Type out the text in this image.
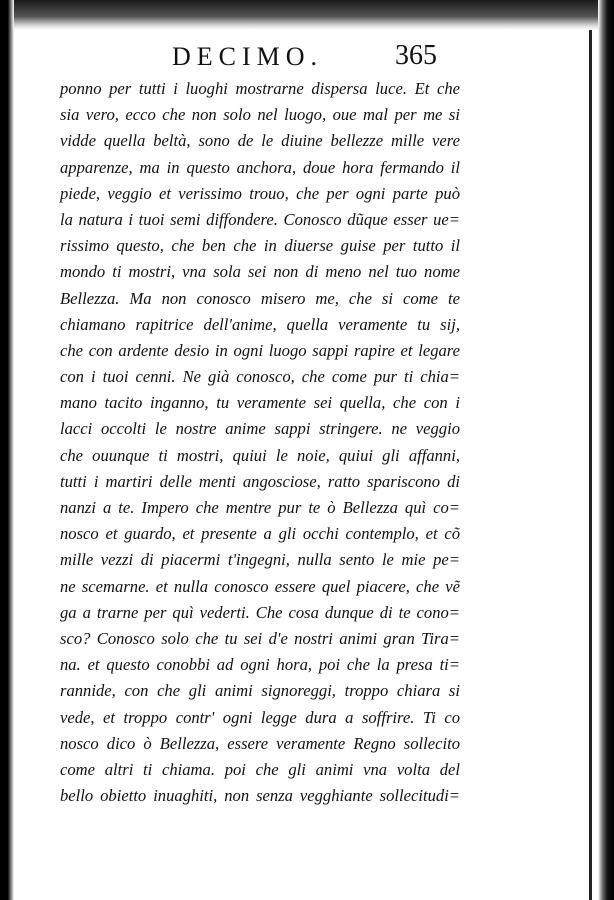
DECIMO.	365
ponno per tutti i luoghi mostrarne dispersa luce. Et che
sia vero, ecco che non solo nel luogo, oue mal per me si
vidde quella beltà, sono de le diuine bellezze mille vere
apparenze, ma in questo anchora, doue hora fermando il
piede, veggio et verissimo trouo, che per ogni parte può
la natura i tuoi semi diffondere. Conosco dũque esser ue=
rissimo questo, che ben che in diuerse guise per tutto il
mondo ti mostri, vna sola sei non di meno nel tuo nome
Bellezza. Ma non conosco misero me, che si come te
chiamano rapitrice dell'anime, quella veramente tu sij,
che con ardente desio in ogni luogo sappi rapire et legare
con i tuoi cenni. Ne già conosco, che come pur ti chia=
mano tacito inganno, tu veramente sei quella, che con i
lacci occolti le nostre anime sappi stringere. ne veggio
che ouunque ti mostri, quiui le noie, quiui gli affanni,
tutti i martiri delle menti angosciose, ratto spariscono di
nanzi a te. Impero che mentre pur te ò Bellezza quì co=
nosco et guardo, et presente a gli occhi contemplo, et cõ
mille vezzi di piacermi t'ingegni, nulla sento le mie pe=
ne scemarne. et nulla conosco essere quel piacere, che vẽ
ga a trarne per quì vederti. Che cosa dunque di te cono=
sco? Conosco solo che tu sei d'e nostri animi gran Tira=
na. et questo conobbi ad ogni hora, poi che la presa ti=
rannide, con che gli animi signoreggi, troppo chiara si
vede, et troppo contr' ogni legge dura a soffrire. Ti co
nosco dico ò Bellezza, essere veramente Regno sollecito
come altri ti chiama. poi che gli animi vna volta del
bello obietto inuaghiti, non senza vegghiante sollecitudi=
